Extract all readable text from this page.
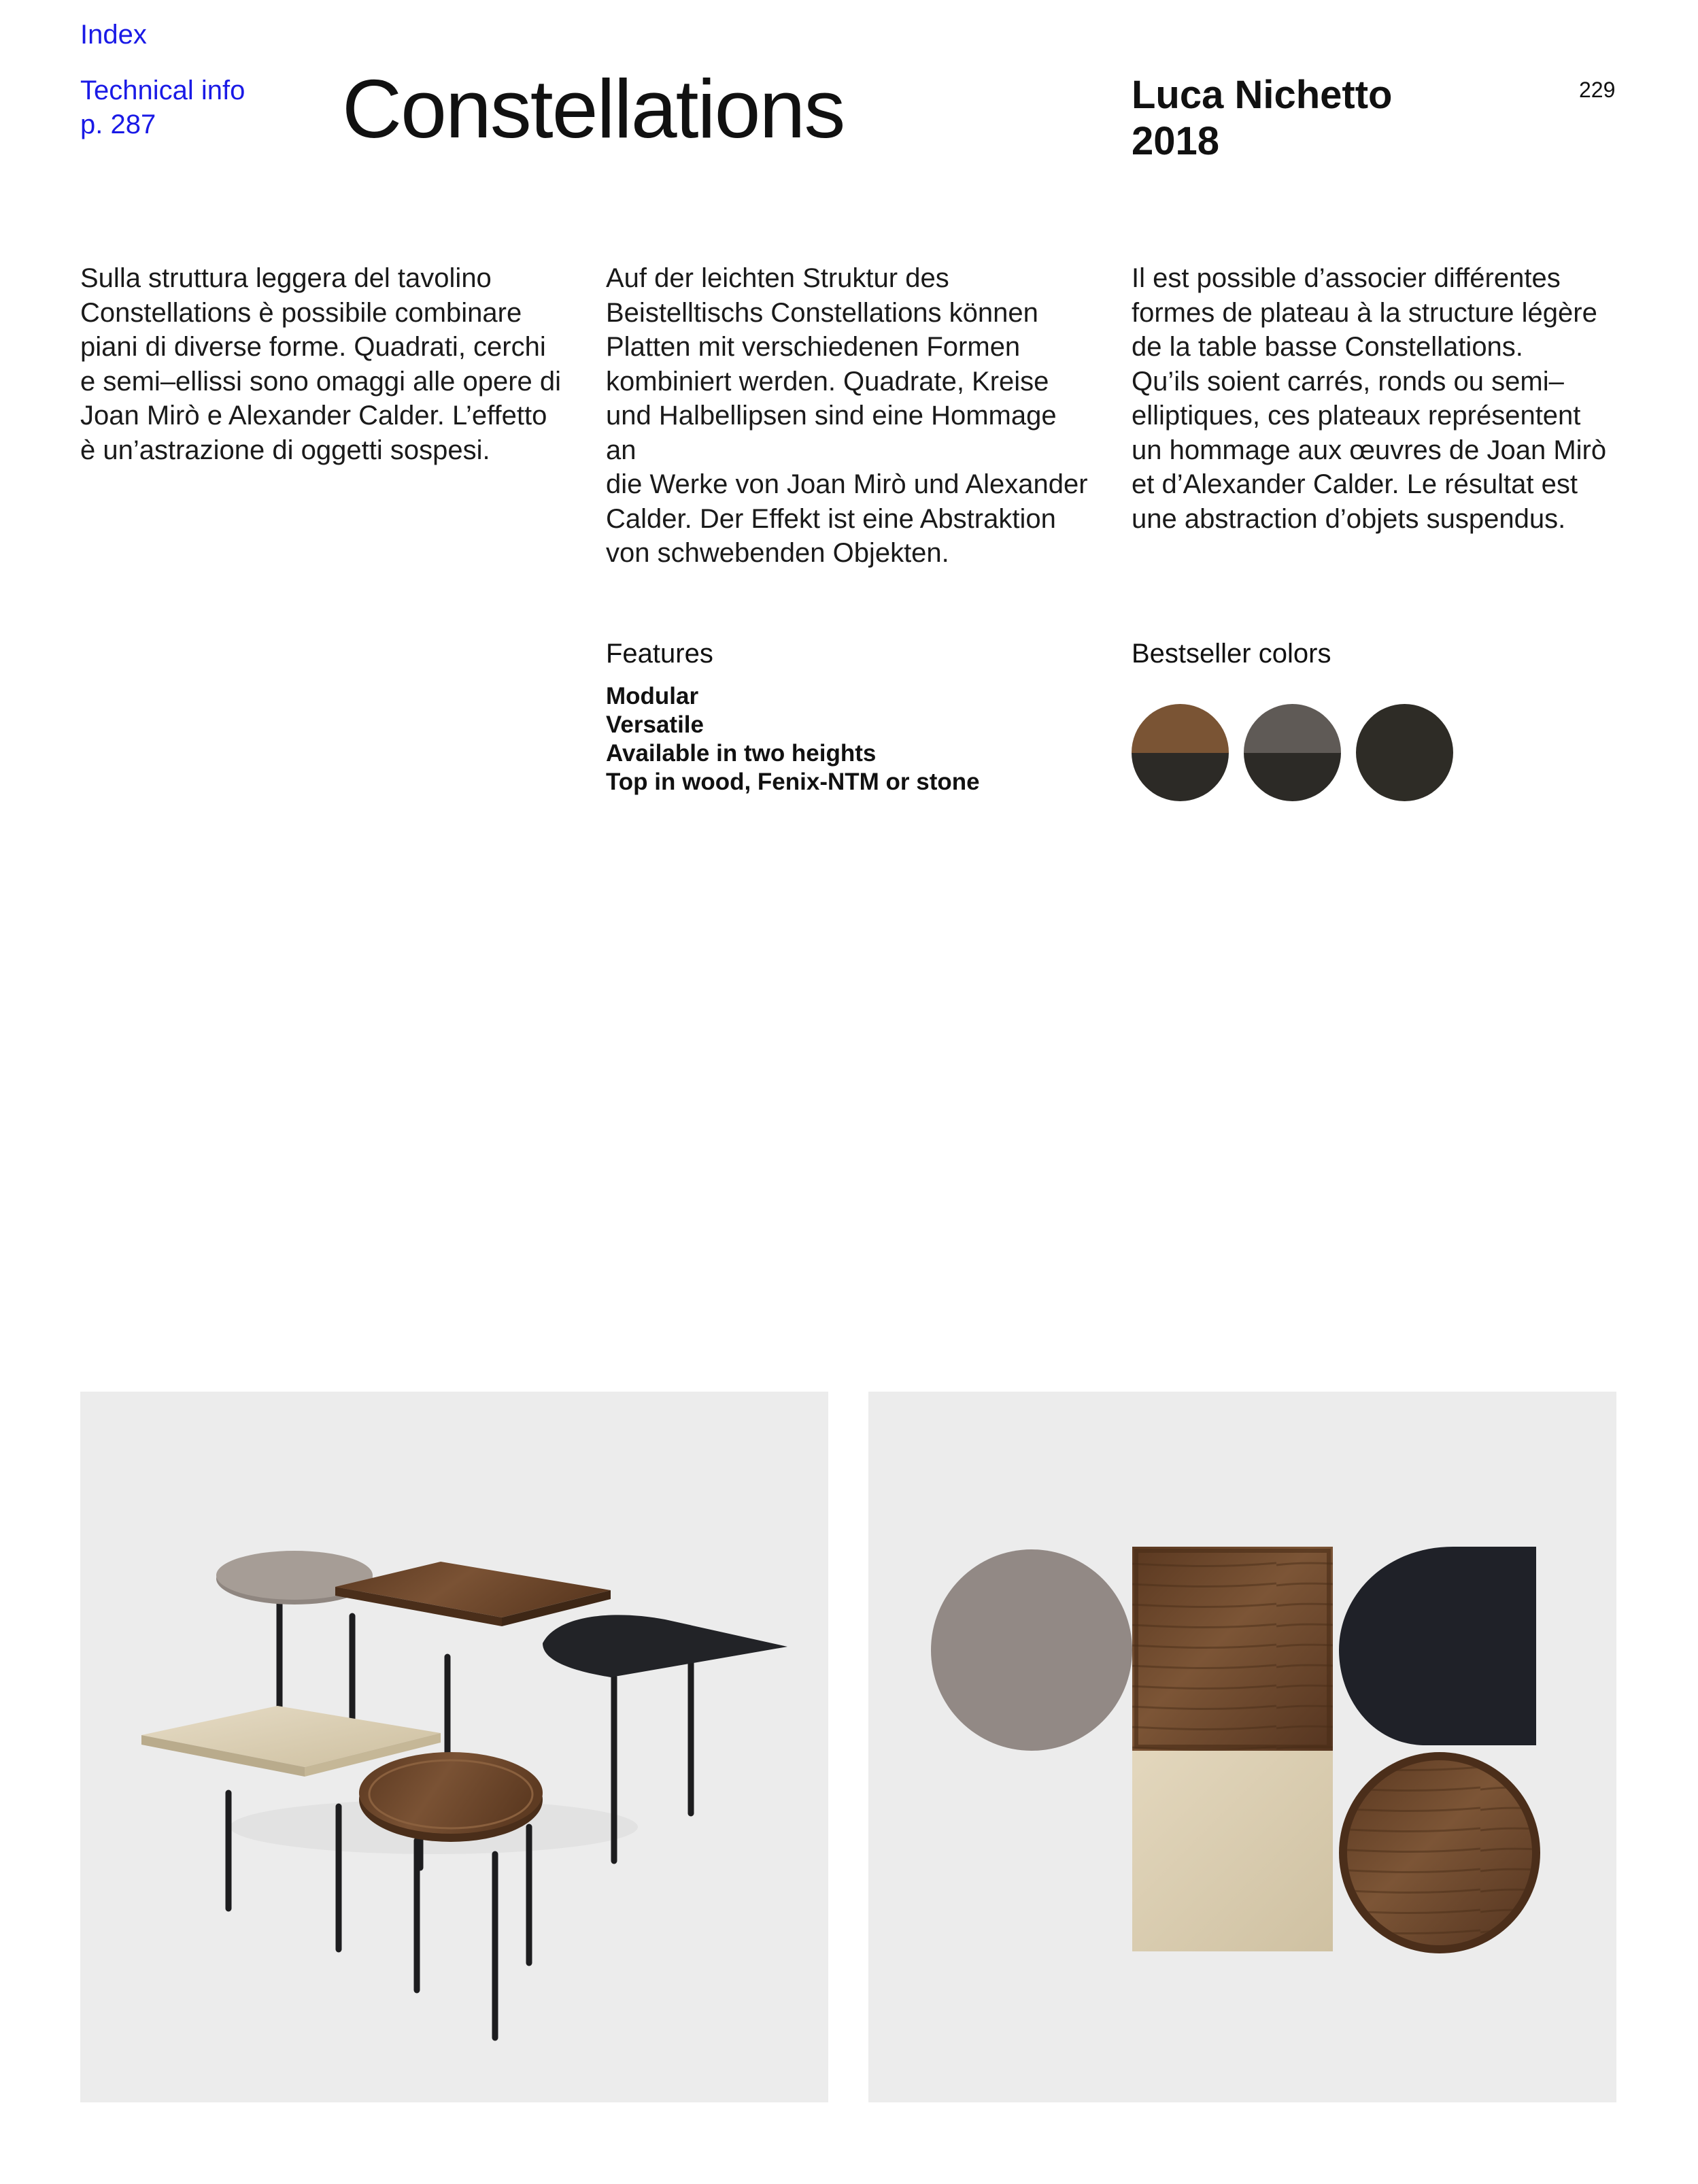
Index
Technical info
p. 287	Constellations	Luca Nichetto
2018
229
Sulla struttura leggera del tavolino
Constellations è possibile combinare
piani di diverse forme. Quadrati, cerchi
e semi–ellissi sono omaggi alle opere di
Joan Mirò e Alexander Calder. L’effetto
è un’astrazione di oggetti sospesi.
Auf der leichten Struktur des
Beistelltischs Constellations können
Platten mit verschiedenen Formen
kombiniert werden. Quadrate, Kreise
und Halbellipsen sind eine Hommage an
die Werke von Joan Mirò und Alexander
Calder. Der Effekt ist eine Abstraktion
von schwebenden Objekten.
Il est possible d’associer différentes
formes de plateau à la structure légère
de la table basse Constellations.
Qu’ils soient carrés, ronds ou semi–
elliptiques, ces plateaux représentent
un hommage aux œuvres de Joan Mirò
et d’Alexander Calder. Le résultat est
une abstraction d’objets suspendus.
Features
Modular
Versatile
Available in two heights
Top in wood, Fenix-NTM or stone
Bestseller colors
